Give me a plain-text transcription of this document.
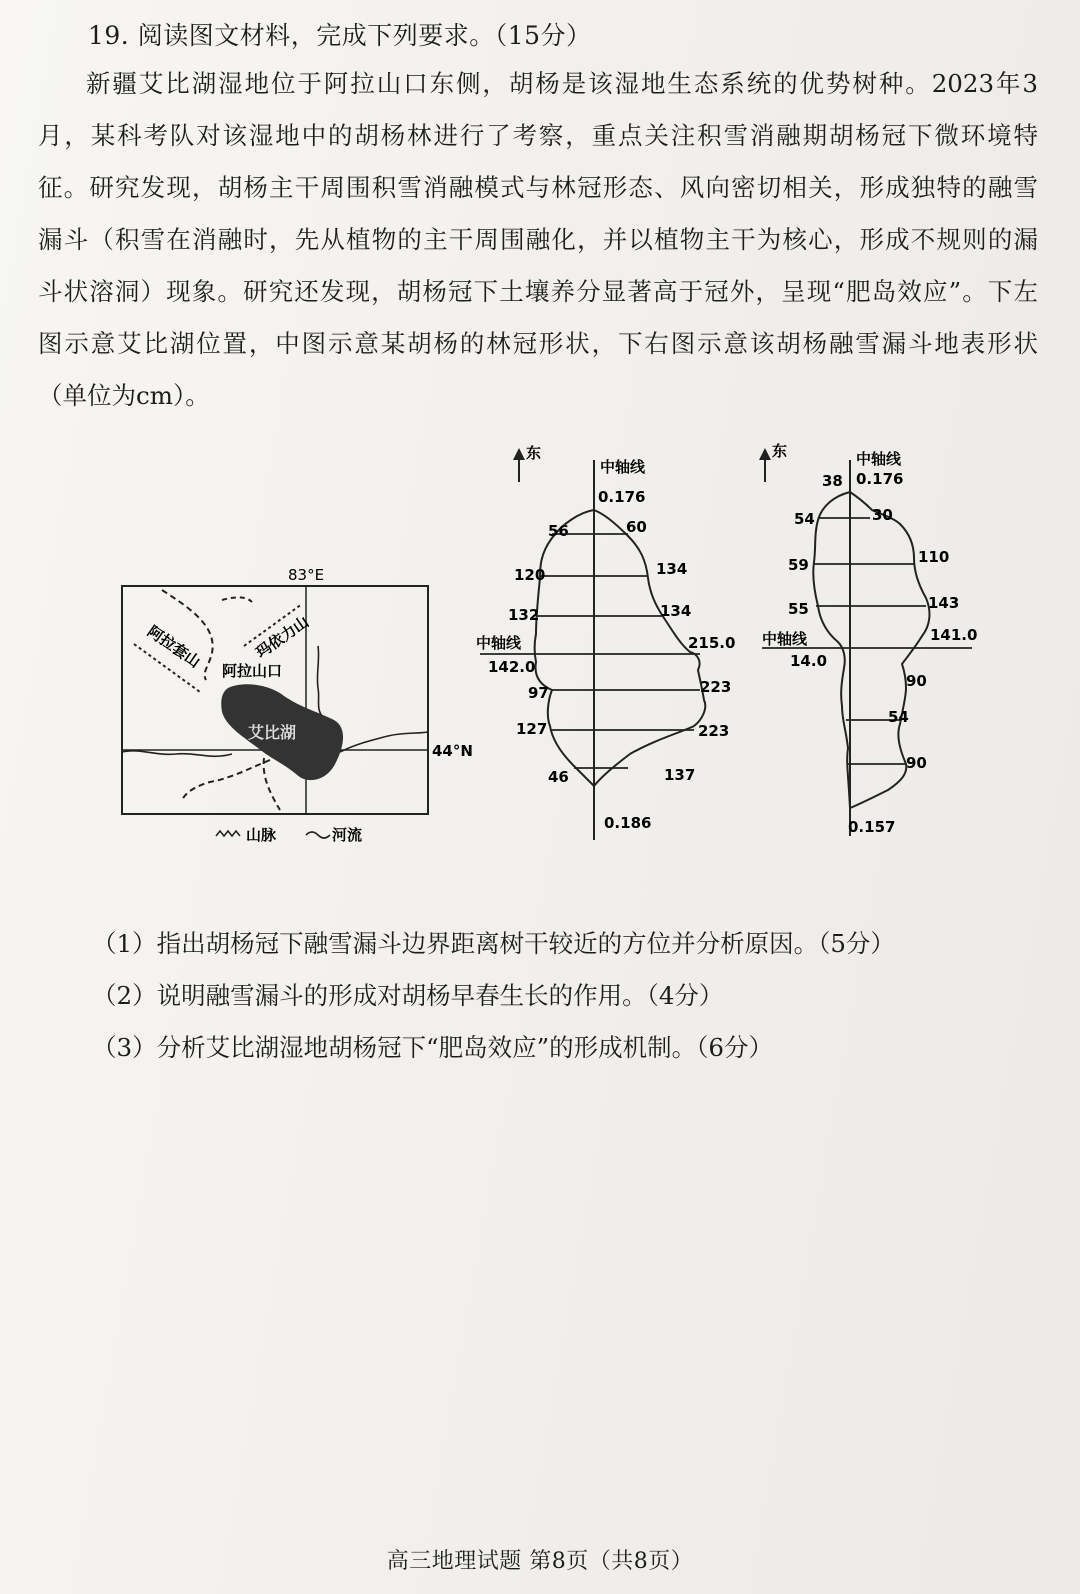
19. 阅读图文材料，完成下列要求。（15分）
新疆艾比湖湿地位于阿拉山口东侧，胡杨是该湿地生态系统的优势树种。2023年3
月，某科考队对该湿地中的胡杨林进行了考察，重点关注积雪消融期胡杨冠下微环境特
征。研究发现，胡杨主干周围积雪消融模式与林冠形态、风向密切相关，形成独特的融雪
漏斗（积雪在消融时，先从植物的主干周围融化，并以植物主干为核心，形成不规则的漏
斗状溶洞）现象。研究还发现，胡杨冠下土壤养分显著高于冠外，呈现“肥岛效应”。下左
图示意艾比湖位置，中图示意某胡杨的林冠形状，下右图示意该胡杨融雪漏斗地表形状
（单位为cm）。
83°E
44°N
阿拉套山	玛依力山
阿拉山口
艾比湖
山脉	河流
东
中轴线
0.176
中轴线
56
120
132
142.0
97
127
46
60
134
134
215.0
223
223
137
0.186
东	中轴线
0.176
38
中轴线
54
59
55
14.0
30
110
143
141.0
90
54
90
0.157
（1）指出胡杨冠下融雪漏斗边界距离树干较近的方位并分析原因。（5分）
（2）说明融雪漏斗的形成对胡杨早春生长的作用。（4分）
（3）分析艾比湖湿地胡杨冠下“肥岛效应”的形成机制。（6分）
高三地理试题 第8页（共8页）
